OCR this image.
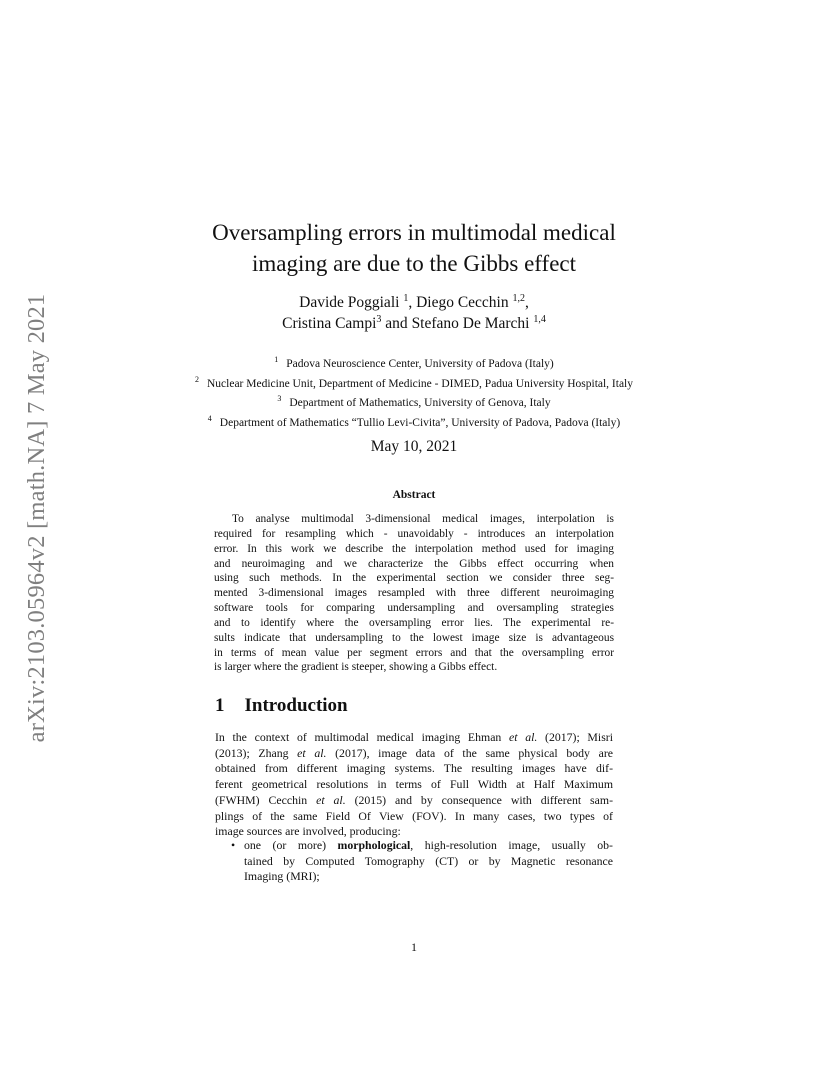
arXiv:2103.05964v2 [math.NA] 7 May 2021
Oversampling errors in multimodal medical
imaging are due to the Gibbs effect
Davide Poggiali $^1$, Diego Cecchin $^{1,2}$,
Cristina Campi$^3$ and Stefano De Marchi $^{1,4}$
$^1$ Padova Neuroscience Center, University of Padova (Italy)
$^2$ Nuclear Medicine Unit, Department of Medicine - DIMED, Padua University Hospital, Italy
$^3$ Department of Mathematics, University of Genova, Italy
$^4$ Department of Mathematics “Tullio Levi-Civita”, University of Padova, Padova (Italy)
May 10, 2021
Abstract
To analyse multimodal 3-dimensional medical images, interpolation is
required for resampling which - unavoidably - introduces an interpolation
error. In this work we describe the interpolation method used for imaging
and neuroimaging and we characterize the Gibbs effect occurring when
using such methods. In the experimental section we consider three seg-
mented 3-dimensional images resampled with three different neuroimaging
software tools for comparing undersampling and oversampling strategies
and to identify where the oversampling error lies. The experimental re-
sults indicate that undersampling to the lowest image size is advantageous
in terms of mean value per segment errors and that the oversampling error
is larger where the gradient is steeper, showing a Gibbs effect.
1 Introduction
In the context of multimodal medical imaging Ehman et al. (2017); Misri
(2013); Zhang et al. (2017), image data of the same physical body are
obtained from different imaging systems. The resulting images have dif-
ferent geometrical resolutions in terms of Full Width at Half Maximum
(FWHM) Cecchin et al. (2015) and by consequence with different sam-
plings of the same Field Of View (FOV). In many cases, two types of
image sources are involved, producing:
• one (or more) morphological, high-resolution image, usually ob-
tained by Computed Tomography (CT) or by Magnetic resonance
Imaging (MRI);
1
